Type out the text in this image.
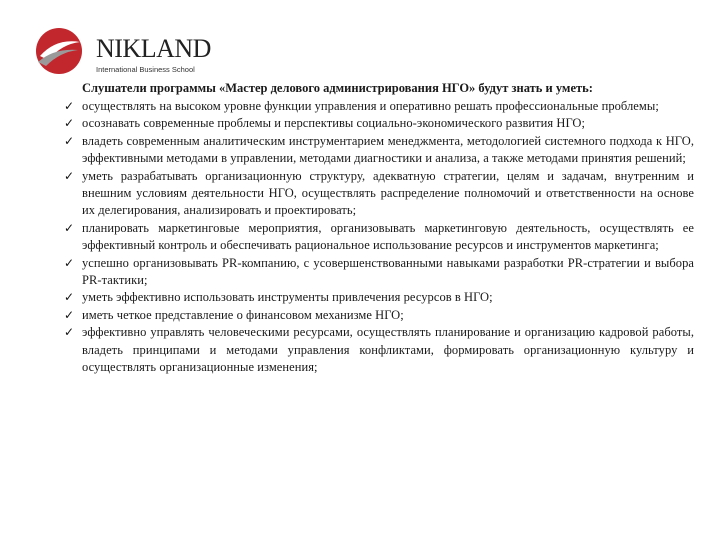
NIKLAND
International Business School
Слушатели программы «Мастер делового администрирования НГО» будут знать и уметь:
✓ осуществлять на высоком уровне функции управления и оперативно решать профессиональные проблемы;
✓ осознавать современные проблемы и перспективы социально-экономического развития НГО;
✓ владеть современным аналитическим инструментарием менеджмента, методологией системного подхода к НГО, эффективными методами в управлении, методами диагностики и анализа, а также методами принятия решений;
✓ уметь разрабатывать организационную структуру, адекватную стратегии, целям и задачам, внутренним и внешним условиям деятельности НГО, осуществлять распределение полномочий и ответственности на основе их делегирования, анализировать и проектировать;
✓ планировать маркетинговые мероприятия, организовывать маркетинговую деятельность, осуществлять ее эффективный контроль и обеспечивать рациональное использование ресурсов и инструментов маркетинга;
✓ успешно организовывать PR-компанию, с усовершенствованными навыками разработки PR-стратегии и выбора PR-тактики;
✓ уметь эффективно использовать инструменты привлечения ресурсов в НГО;
✓ иметь четкое представление о финансовом механизме НГО;
✓ эффективно управлять человеческими ресурсами, осуществлять планирование и организацию кадровой работы, владеть принципами и методами управления конфликтами, формировать организационную культуру и осуществлять организационные изменения;
